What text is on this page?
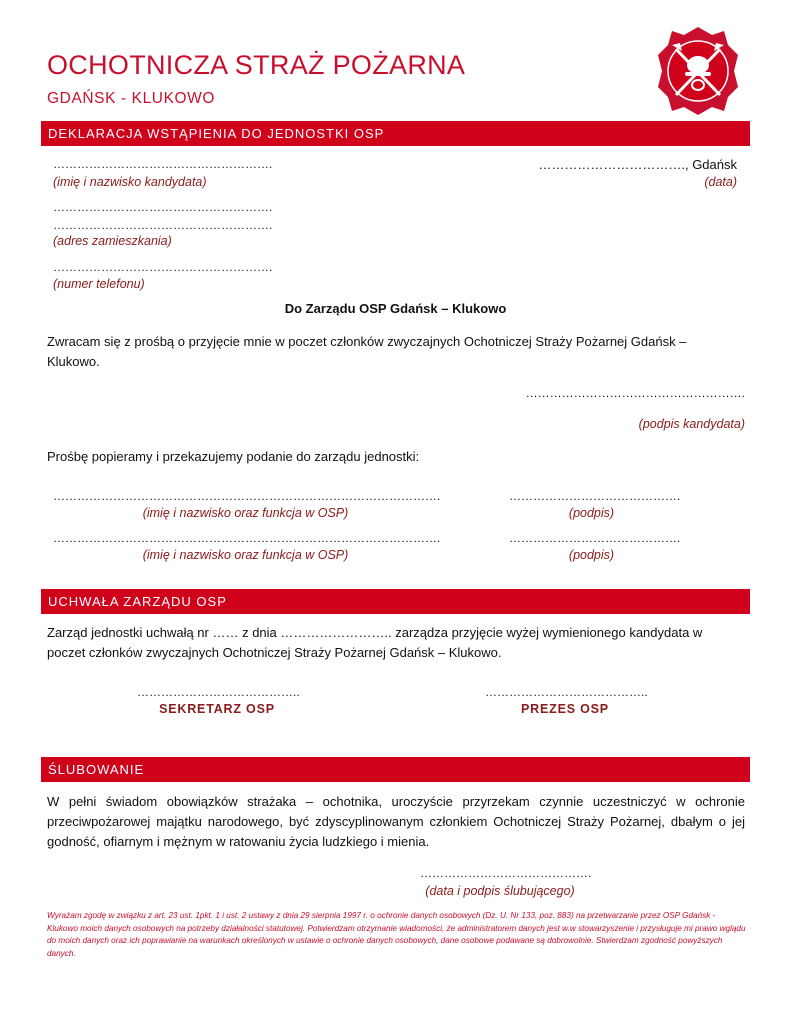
OCHOTNICZA STRAŻ POŻARNA
GDAŃSK - KLUKOWO
DEKLARACJA WSTĄPIENIA DO JEDNOSTKI OSP
……………………………………………….
(imię i nazwisko kandydata)
……………………………., Gdańsk
(data)
……………………………………………….
……………………………………………….
(adres zamieszkania)
……………………………………………….
(numer telefonu)
Do Zarządu OSP Gdańsk – Klukowo
Zwracam się z prośbą o przyjęcie mnie w poczet członków zwyczajnych Ochotniczej Straży Pożarnej Gdańsk – Klukowo.
……………………………………………….
(podpis kandydata)
Prośbę popieramy i przekazujemy podanie do zarządu jednostki:
…………………………………………………………………………………….
(imię i nazwisko oraz funkcja w OSP)
…………………………………….
(podpis)
…………………………………………………………………………………….
(imię i nazwisko oraz funkcja w OSP)
…………………………………….
(podpis)
UCHWAŁA ZARZĄDU OSP
Zarząd jednostki uchwałą nr …… z dnia …………………….. zarządza przyjęcie wyżej wymienionego kandydata w poczet członków zwyczajnych Ochotniczej Straży Pożarnej Gdańsk – Klukowo.
…………………………………..
SEKRETARZ OSP
…………………………………..
PREZES OSP
ŚLUBOWANIE
W pełni świadom obowiązków strażaka – ochotnika, uroczyście przyrzekam czynnie uczestniczyć w ochronie przeciwpożarowej majątku narodowego, być zdyscyplinowanym członkiem Ochotniczej Straży Pożarnej, dbałym o jej godność, ofiarnym i mężnym w ratowaniu życia ludzkiego i mienia.
…………………………………….
(data i podpis ślubującego)
Wyrażam zgodę w związku z art. 23 ust. 1pkt. 1 i ust. 2 ustawy z dnia 29 sierpnia 1997 r. o ochronie danych osobowych (Dz. U. Nr 133, poz. 883) na przetwarzanie przez OSP Gdańsk - Klukowo moich danych osobowych na potrzeby działalności statutowej. Potwierdzam otrzymanie wiadomości, że administratorem danych jest w.w stowarzyszenie i przysługuje mi prawo wglądu do moich danych oraz ich poprawianie na warunkach określonych w ustawie o ochronie danych osobowych, dane osobowe podawane są dobrowolnie. Stwierdzam zgodność powyższych danych.
